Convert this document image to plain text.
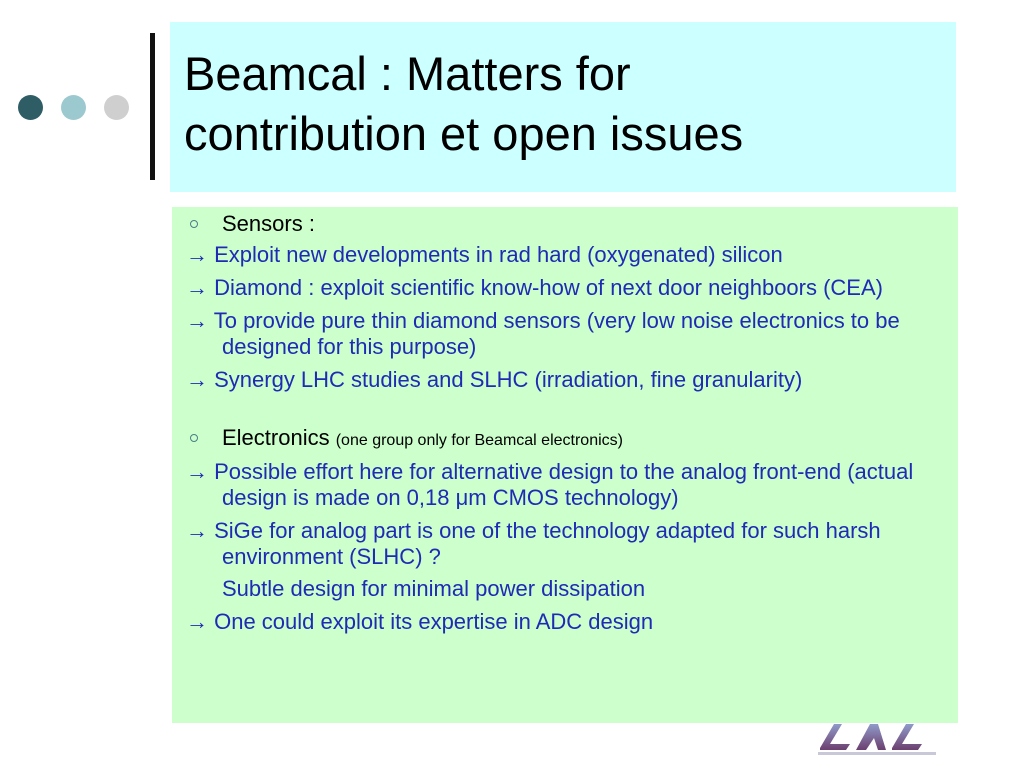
Beamcal : Matters for
contribution et open issues
Sensors :
→ Exploit new developments in rad hard (oxygenated) silicon
→ Diamond : exploit scientific know-how of next door neighboors (CEA)
→ To provide pure thin diamond sensors (very low noise electronics to be designed for this purpose)
→ Synergy LHC studies and SLHC (irradiation, fine granularity)
Electronics (one group only for Beamcal electronics)
→ Possible effort here for alternative design to the analog front-end (actual design is made on 0,18 μm CMOS technology)
→ SiGe for analog part is one of the technology adapted for such harsh environment (SLHC) ?
Subtle design for minimal power dissipation
→ One could exploit its expertise in ADC design
